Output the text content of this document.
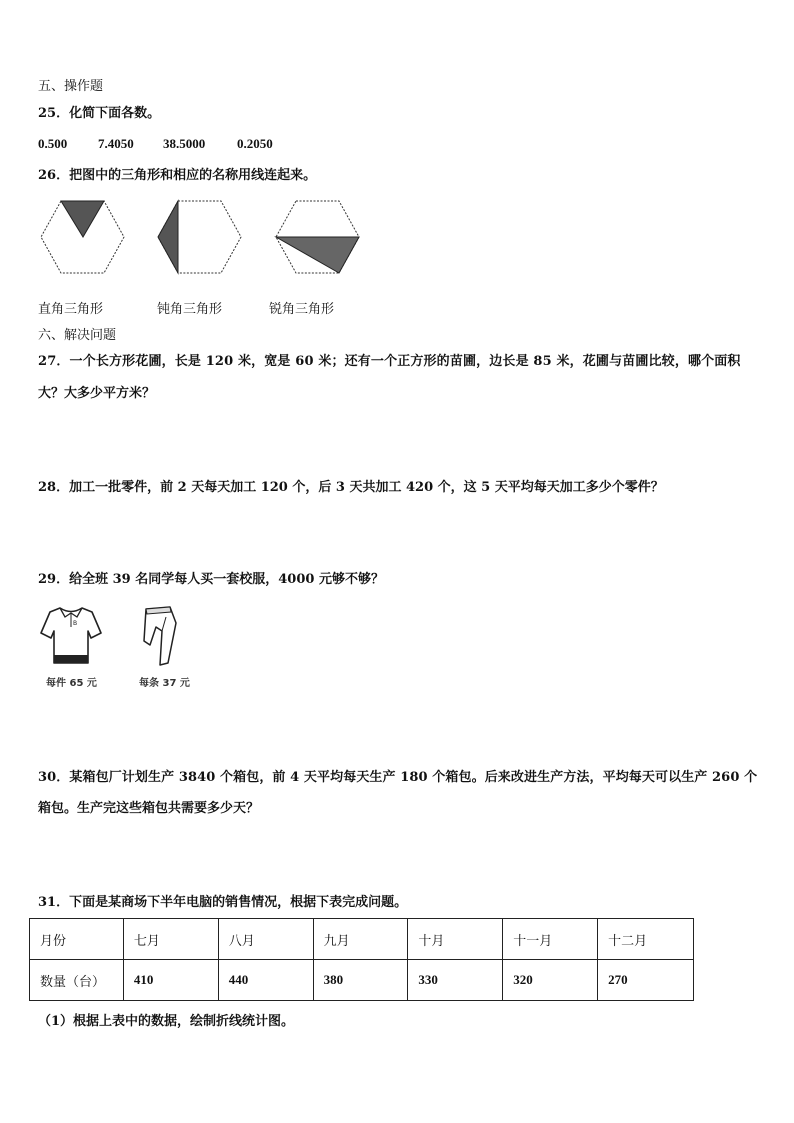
五、操作题
25．化简下面各数。
0.500 7.4050 38.5000 0.2050
26．把图中的三角形和相应的名称用线连起来。
直角三角形	钝角三角形	锐角三角形
六、解决问题
27．一个长方形花圃，长是 120 米，宽是 60 米；还有一个正方形的苗圃，边长是 85 米，花圃与苗圃比较，哪个面积
大？大多少平方米？
28．加工一批零件，前 2 天每天加工 120 个，后 3 天共加工 420 个，这 5 天平均每天加工多少个零件？
29．给全班 39 名同学每人买一套校服，4000 元够不够？
B
每件 65 元	每条 37 元
30．某箱包厂计划生产 3840 个箱包，前 4 天平均每天生产 180 个箱包。后来改进生产方法，平均每天可以生产 260 个
箱包。生产完这些箱包共需要多少天？
31．下面是某商场下半年电脑的销售情况，根据下表完成问题。
月份	七月	八月	九月	十月	十一月	十二月
数量（台）	410	440	380	330	320	270
（1）根据上表中的数据，绘制折线统计图。
